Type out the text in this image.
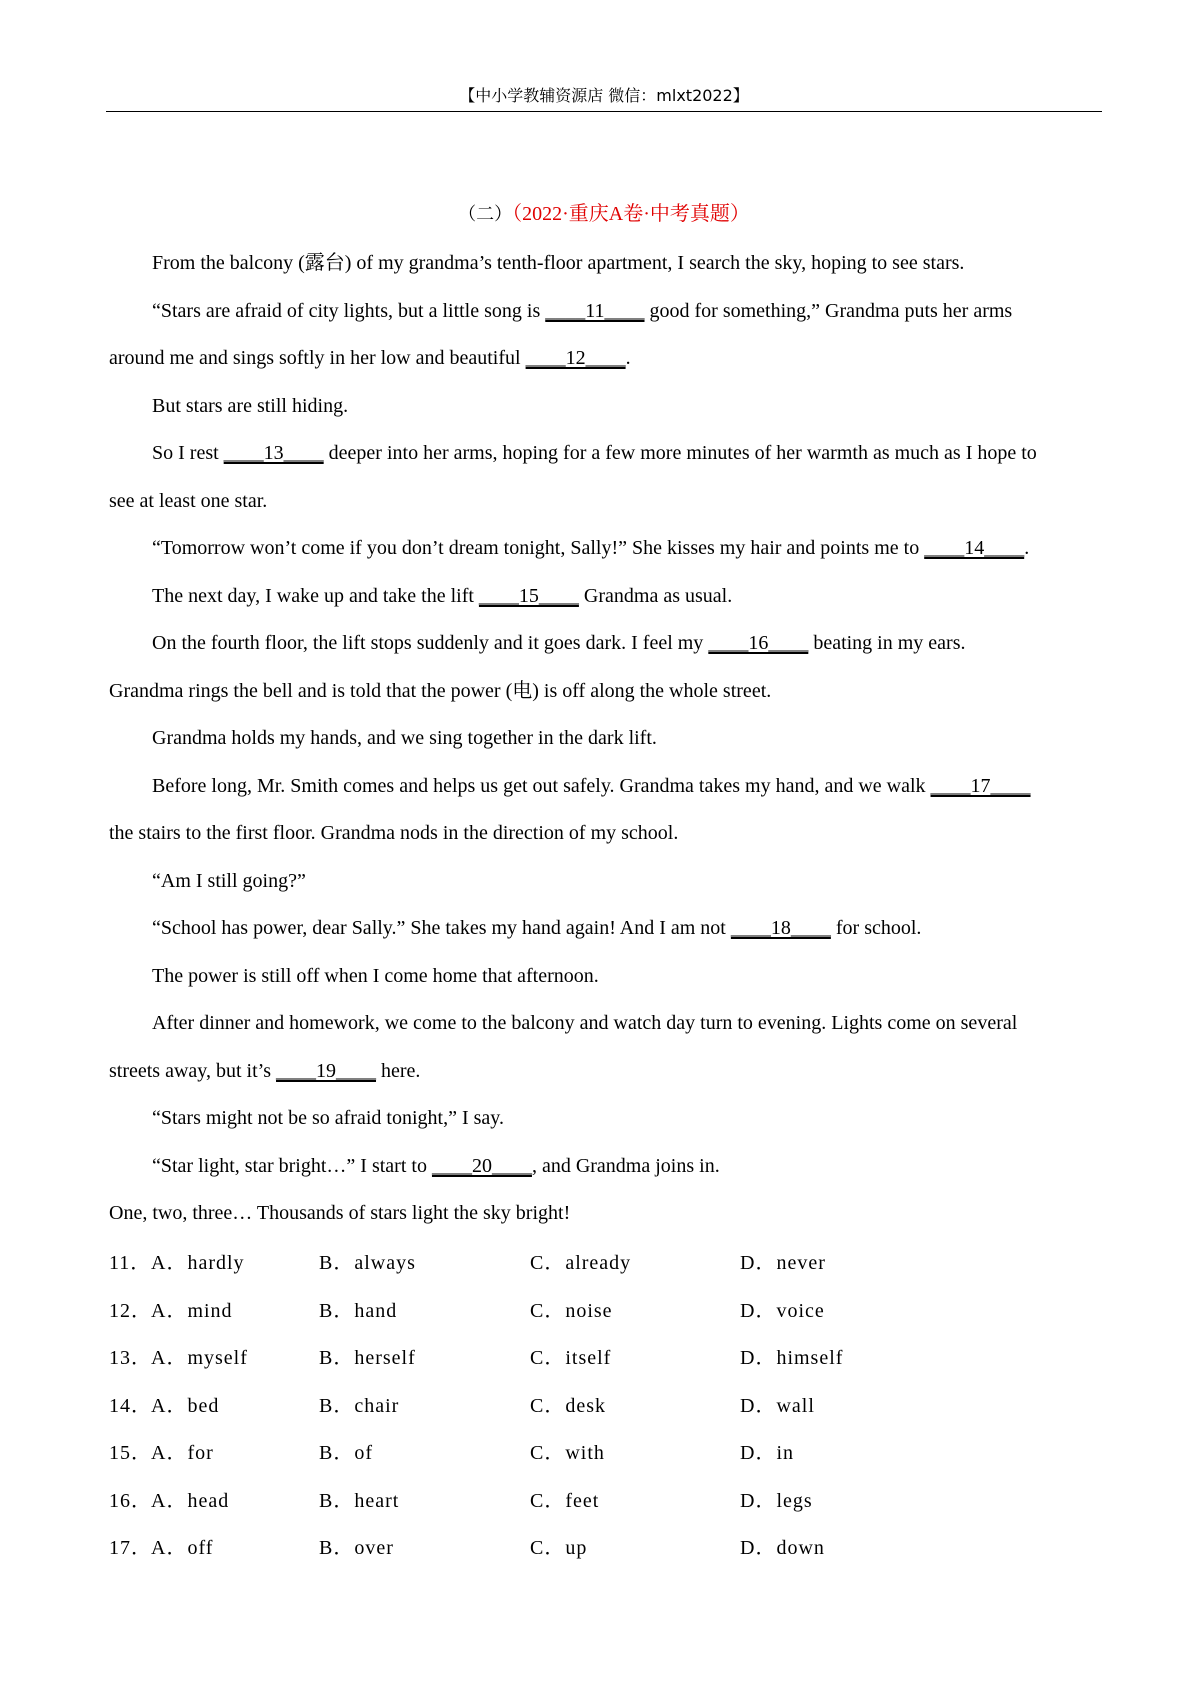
【中小学教辅资源店 微信：mlxt2022】
（二）（2022·重庆A卷·中考真题）
From the balcony (露台) of my grandma’s tenth-floor apartment, I search the sky, hoping to see stars.
“Stars are afraid of city lights, but a little song is ____11____ good for something,” Grandma puts her arms
around me and sings softly in her low and beautiful ____12____.
But stars are still hiding.
So I rest ____13____ deeper into her arms, hoping for a few more minutes of her warmth as much as I hope to
see at least one star.
“Tomorrow won’t come if you don’t dream tonight, Sally!” She kisses my hair and points me to ____14____.
The next day, I wake up and take the lift ____15____ Grandma as usual.
On the fourth floor, the lift stops suddenly and it goes dark. I feel my ____16____ beating in my ears.
Grandma rings the bell and is told that the power (电) is off along the whole street.
Grandma holds my hands, and we sing together in the dark lift.
Before long, Mr. Smith comes and helps us get out safely. Grandma takes my hand, and we walk ____17____
the stairs to the first floor. Grandma nods in the direction of my school.
“Am I still going?”
“School has power, dear Sally.” She takes my hand again! And I am not ____18____ for school.
The power is still off when I come home that afternoon.
After dinner and homework, we come to the balcony and watch day turn to evening. Lights come on several
streets away, but it’s ____19____ here.
“Stars might not be so afraid tonight,” I say.
“Star light, star bright…” I start to ____20____, and Grandma joins in.
One, two, three… Thousands of stars light the sky bright!
11． A．hardly	B．always	C．already	D．never
12． A．mind	B．hand	C．noise	D．voice
13． A．myself	B．herself	C．itself	D．himself
14． A．bed	B．chair	C．desk	D．wall
15． A．for	B．of	C．with	D．in
16． A．head	B．heart	C．feet	D．legs
17． A．off	B．over	C．up	D．down
